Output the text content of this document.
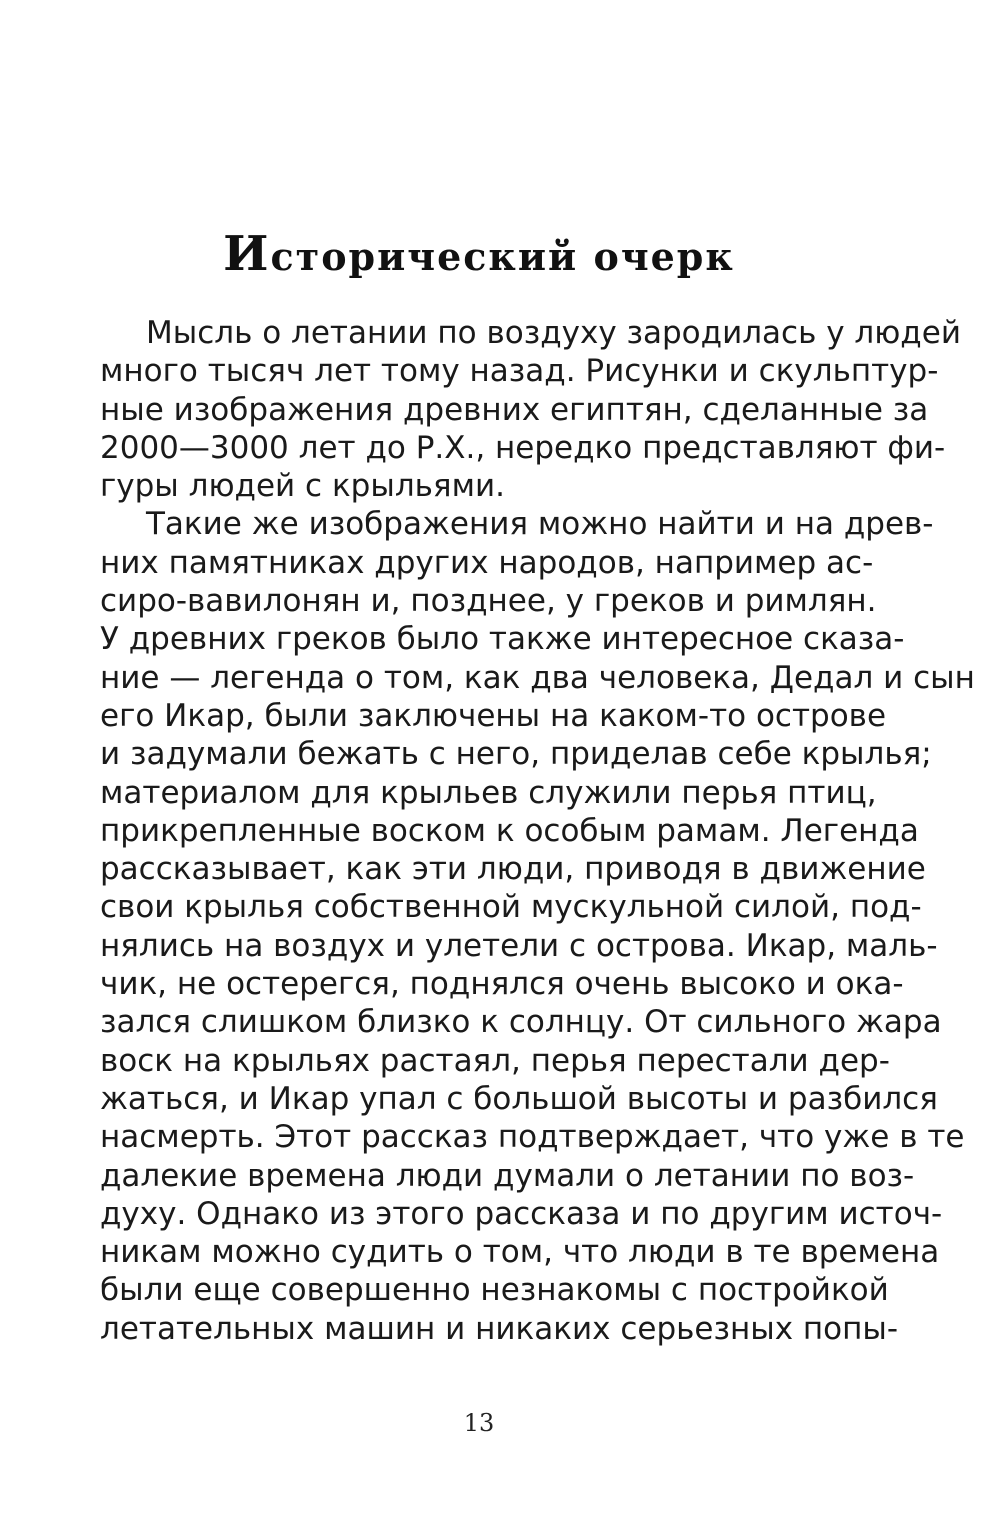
Исторический очерк
Мысль о летании по воздуху зародилась у людей
много тысяч лет тому назад. Рисунки и скульптур-
ные изображения древних египтян, сделанные за
2000—3000 лет до Р.Х., нередко представляют фи-
гуры людей с крыльями.
Такие же изображения можно найти и на древ-
них памятниках других народов, например ас-
сиро-вавилонян и, позднее, у греков и римлян.
У древних греков было также интересное сказа-
ние — легенда о том, как два человека, Дедал и сын
его Икар, были заключены на каком-то острове
и задумали бежать с него, приделав себе крылья;
материалом для крыльев служили перья птиц,
прикрепленные воском к особым рамам. Легенда
рассказывает, как эти люди, приводя в движение
свои крылья собственной мускульной силой, под-
нялись на воздух и улетели с острова. Икар, маль-
чик, не остерегся, поднялся очень высоко и ока-
зался слишком близко к солнцу. От сильного жара
воск на крыльях растаял, перья перестали дер-
жаться, и Икар упал с большой высоты и разбился
насмерть. Этот рассказ подтверждает, что уже в те
далекие времена люди думали о летании по воз-
духу. Однако из этого рассказа и по другим источ-
никам можно судить о том, что люди в те времена
были еще совершенно незнакомы с постройкой
летательных машин и никаких серьезных попы-
13
